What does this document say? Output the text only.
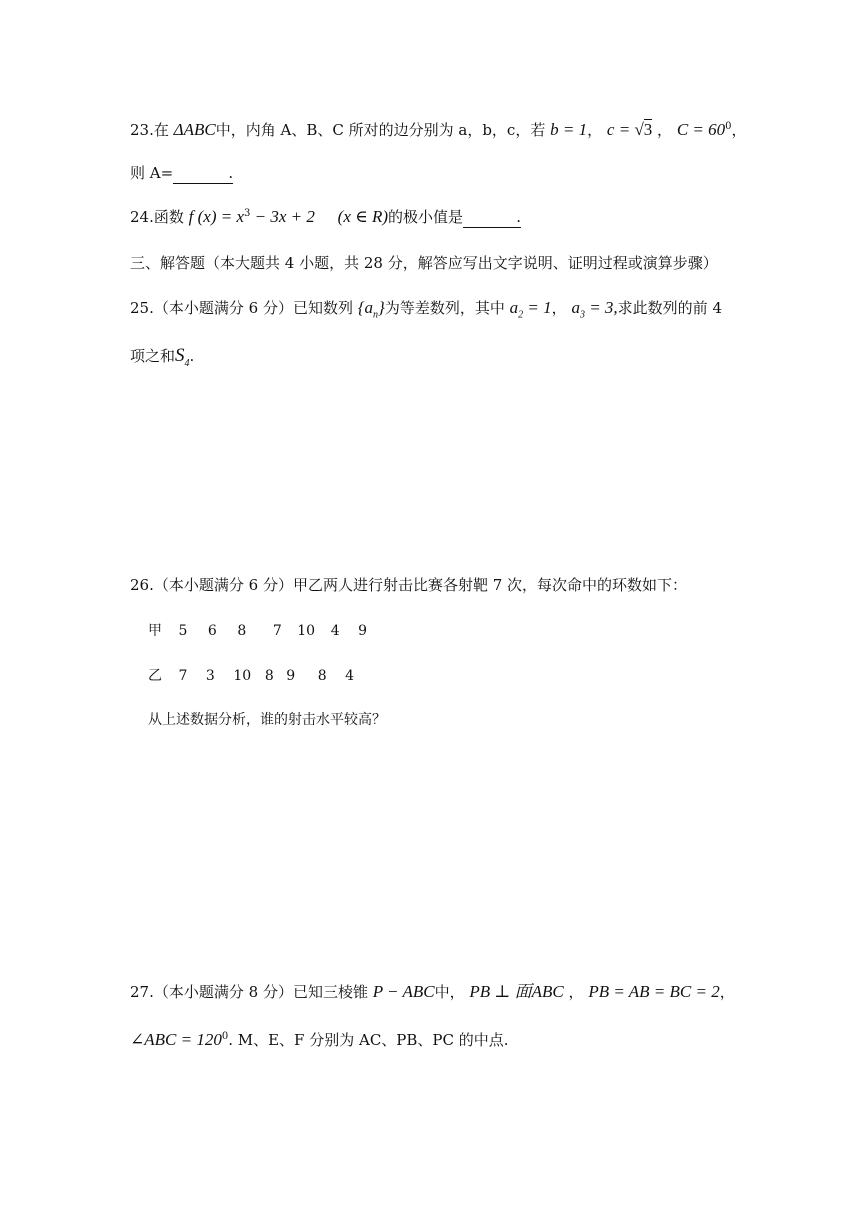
23.在 ΔABC中，内角 A、B、C 所对的边分别为 a，b，c，若 b = 1， c = √3 ， $C = 60^0$，
则 A=	.
24.函数 f $(x) = x^3 - 3x + 2$ (x ∈ R)的极小值是	.
三、解答题（本大题共 4 小题，共 28 分，解答应写出文字说明、证明过程或演算步骤）
25.（本小题满分 6 分）已知数列 $\{a_n\}$为等差数列，其中 $a_2 = 1$， $a_3 = 3$,求此数列的前 4
项之和$S_4$.
26.（本小题满分 6 分）甲乙两人进行射击比赛各射靶 7 次，每次命中的环数如下：
甲 5 6 8 7 10 4 9
乙 7 3 10 8 9 8 4
从上述数据分析，谁的射击水平较高？
27.（本小题满分 8 分）已知三棱锥 P − ABC中， PB ⊥ 面ABC ， PB = AB = BC = 2，
∠ABC = $120^0$. M、E、F 分别为 AC、PB、PC 的中点.
